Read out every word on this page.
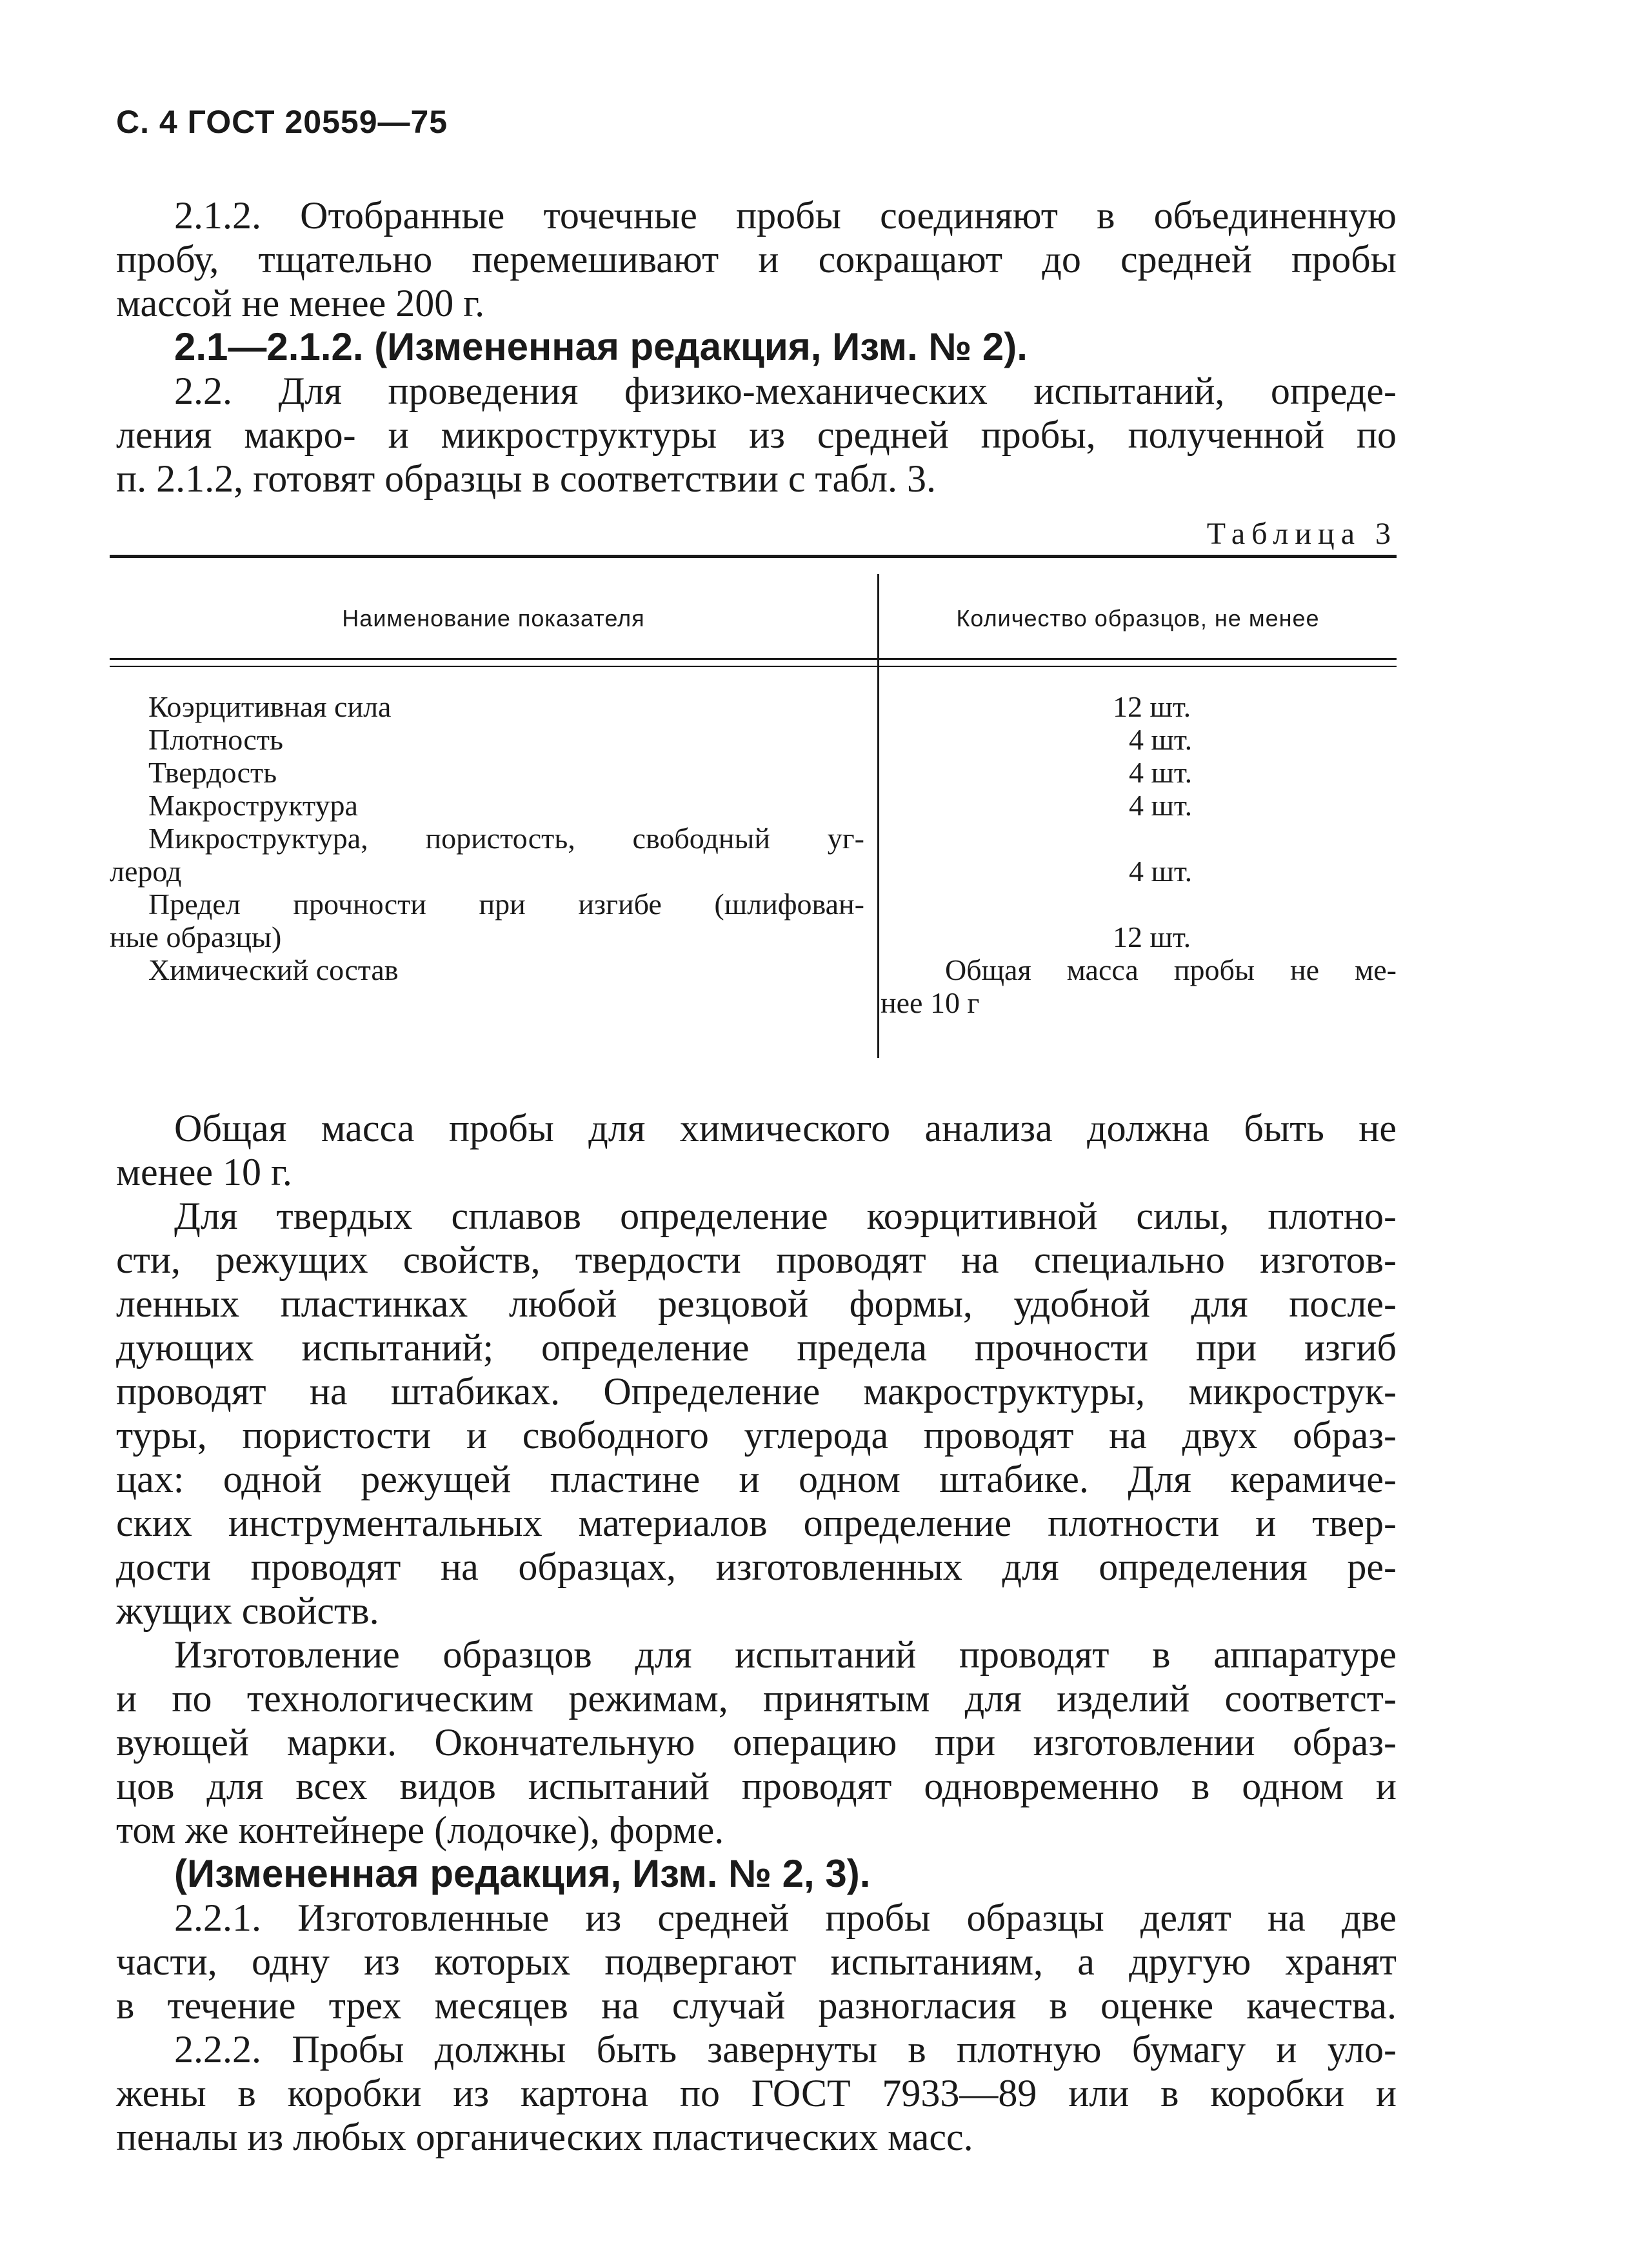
С. 4 ГОСТ 20559—75
2.1.2. Отобранные точечные пробы соединяют в объединенную
пробу, тщательно перемешивают и сокращают до средней пробы
массой не менее 200 г.
2.1—2.1.2. (Измененная редакция, Изм. № 2).
2.2. Для проведения физико-механических испытаний, опреде-
ления макро- и микроструктуры из средней пробы, полученной по
п. 2.1.2, готовят образцы в соответствии с табл. 3.
Таблица 3
Наименование показателя	Количество образцов, не менее
Коэрцитивная сила
Плотность
Твердость
Макроструктура
Микроструктура, пористость, свободный уг-
лерод
Предел прочности при изгибе (шлифован-
ные образцы)
Химический состав
12 шт.
4 шт.
4 шт.
4 шт.
4 шт.
12 шт.
Общая масса пробы не ме-
нее 10 г
Общая масса пробы для химического анализа должна быть не
менее 10 г.
Для твердых сплавов определение коэрцитивной силы, плотно-
сти, режущих свойств, твердости проводят на специально изготов-
ленных пластинках любой резцовой формы, удобной для после-
дующих испытаний; определение предела прочности при изгиб
проводят на штабиках. Определение макроструктуры, микрострук-
туры, пористости и свободного углерода проводят на двух образ-
цах: одной режущей пластине и одном штабике. Для керамиче-
ских инструментальных материалов определение плотности и твер-
дости проводят на образцах, изготовленных для определения ре-
жущих свойств.
Изготовление образцов для испытаний проводят в аппаратуре
и по технологическим режимам, принятым для изделий соответст-
вующей марки. Окончательную операцию при изготовлении образ-
цов для всех видов испытаний проводят одновременно в одном и
том же контейнере (лодочке), форме.
(Измененная редакция, Изм. № 2, 3).
2.2.1. Изготовленные из средней пробы образцы делят на две
части, одну из которых подвергают испытаниям, а другую хранят
в течение трех месяцев на случай разногласия в оценке качества.
2.2.2. Пробы должны быть завернуты в плотную бумагу и уло-
жены в коробки из картона по ГОСТ 7933—89 или в коробки и
пеналы из любых органических пластических масс.
